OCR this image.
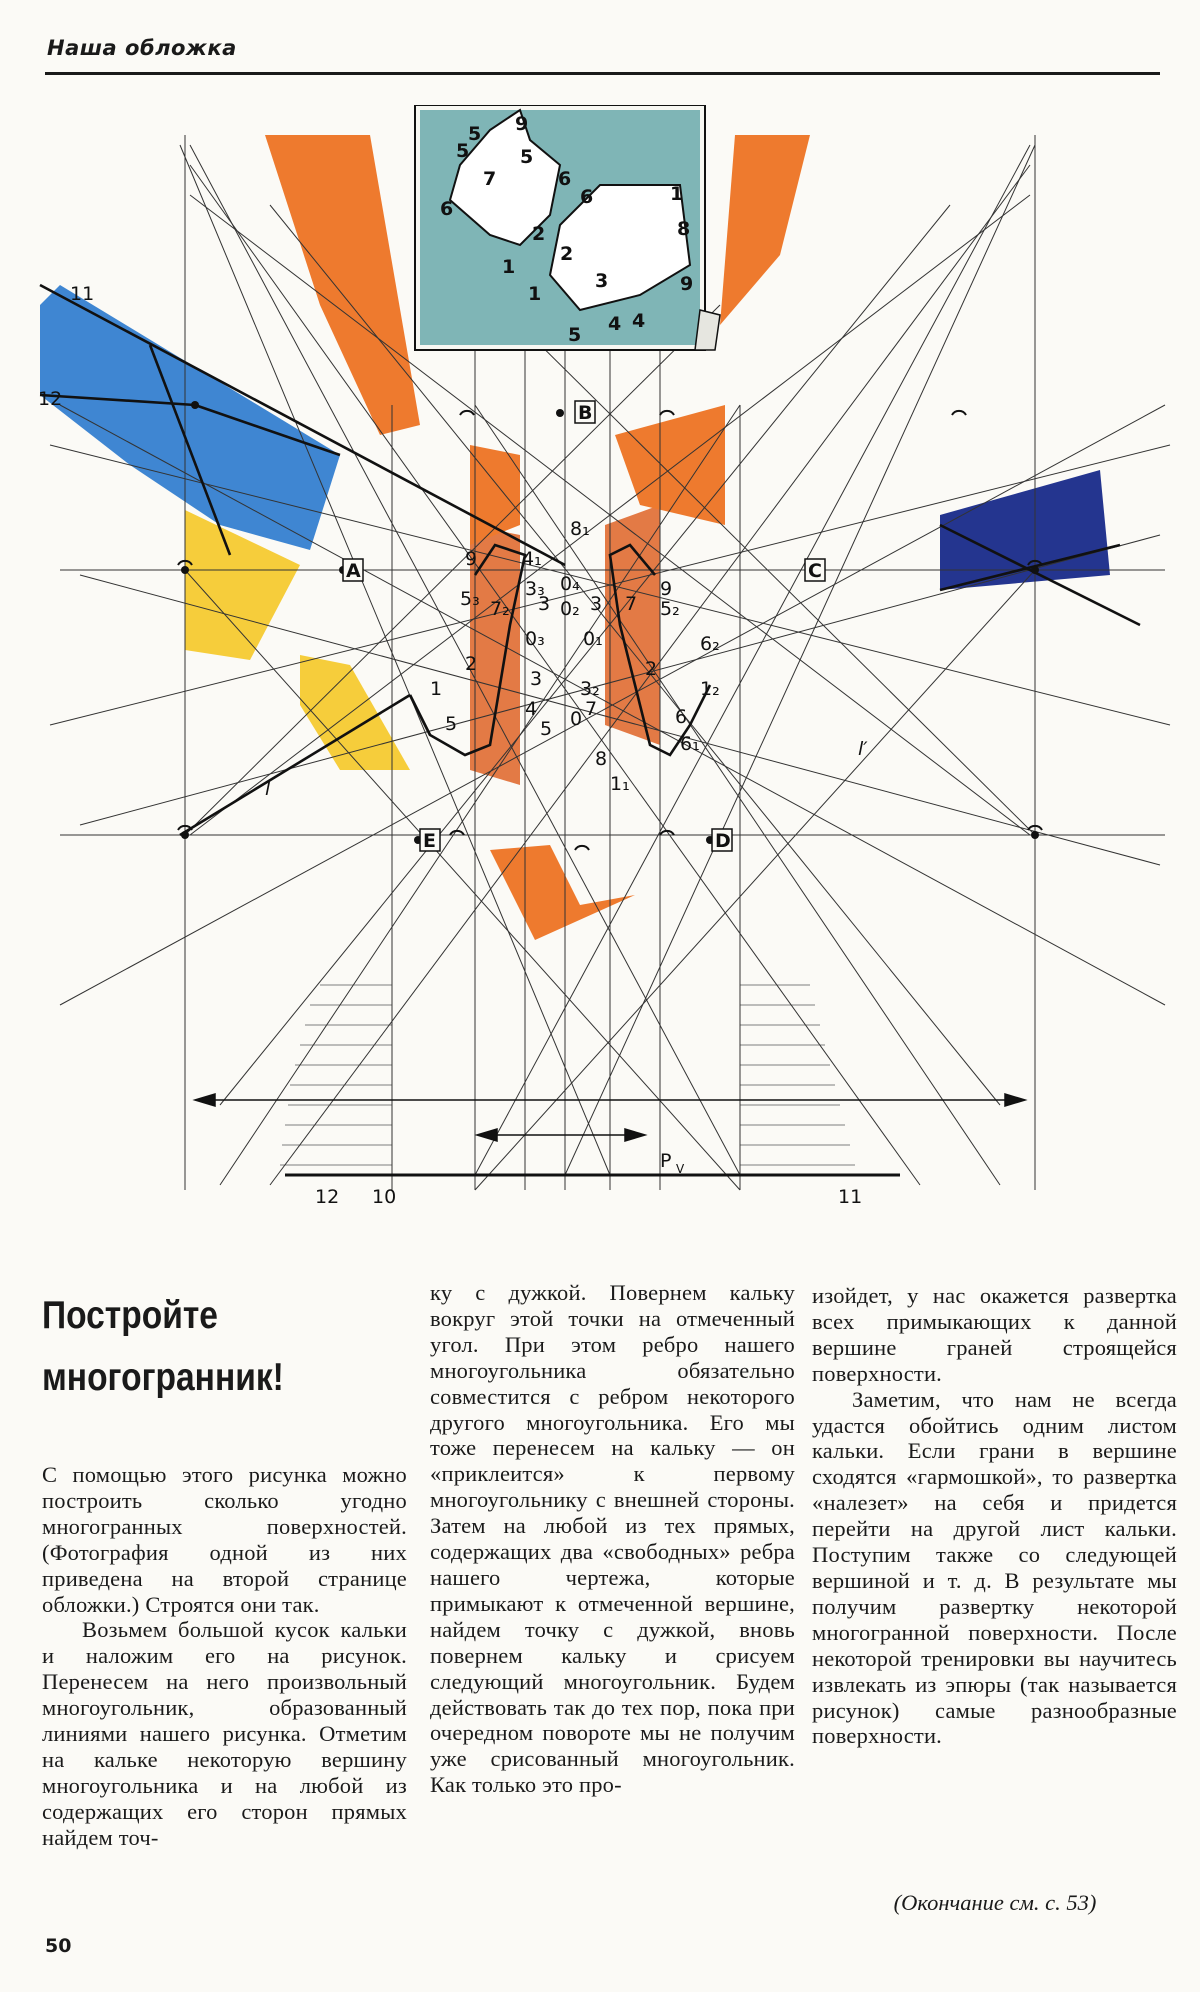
Наша обложка
9
5
5
5
7
6
6
2
1
6	1
8
2
3
1
5 4 4
9
B
A	C
E	D
9 4₁
8₁
0₄	9
5₃	3
7₂
3₃
0₂ 3 7 5₂
0₃ 0₁	6₂
2
3 3₂
2
1₂
1
4	7
5	6
5 0
6₁
8
1₁
l
l′
11
12
P V
12 10	11
Постройте
многогранник!

С помощью этого рисунка можно построить сколько угодно многогранных поверхностей. (Фотография одной из них приведена на второй странице обложки.) Строятся они так.

Возьмем большой кусок кальки и наложим его на рисунок. Перенесем на него произвольный многоугольник, образованный линиями нашего рисунка. Отметим на кальке некоторую вершину многоугольника и на любой из содержащих его сторон прямых найдем точ-

ку с дужкой. Повернем кальку вокруг этой точки на отмеченный угол. При этом ребро нашего многоугольника обязательно совместится с ребром некоторого другого многоугольника. Его мы тоже перенесем на кальку — он «приклеится» к первому многоугольнику с внешней стороны. Затем на любой из тех прямых, содержащих два «свободных» ребра нашего чертежа, которые примыкают к отмеченной вершине, найдем точку с дужкой, вновь повернем кальку и срисуем следующий многоугольник. Будем действовать так до тех пор, пока при очередном повороте мы не получим уже срисованный многоугольник. Как только это про-

изойдет, у нас окажется развертка всех примыкающих к данной вершине граней строящейся поверхности.

Заметим, что нам не всегда удастся обойтись одним листом кальки. Если грани в вершине сходятся «гармошкой», то развертка «налезет» на себя и придется перейти на другой лист кальки. Поступим также со следующей вершиной и т. д. В результате мы получим развертку некоторой многогранной поверхности. После некоторой тренировки вы научитесь извлекать из эпюры (так называется рисунок) самые разнообразные поверхности.

(Окончание см. с. 53)
50
